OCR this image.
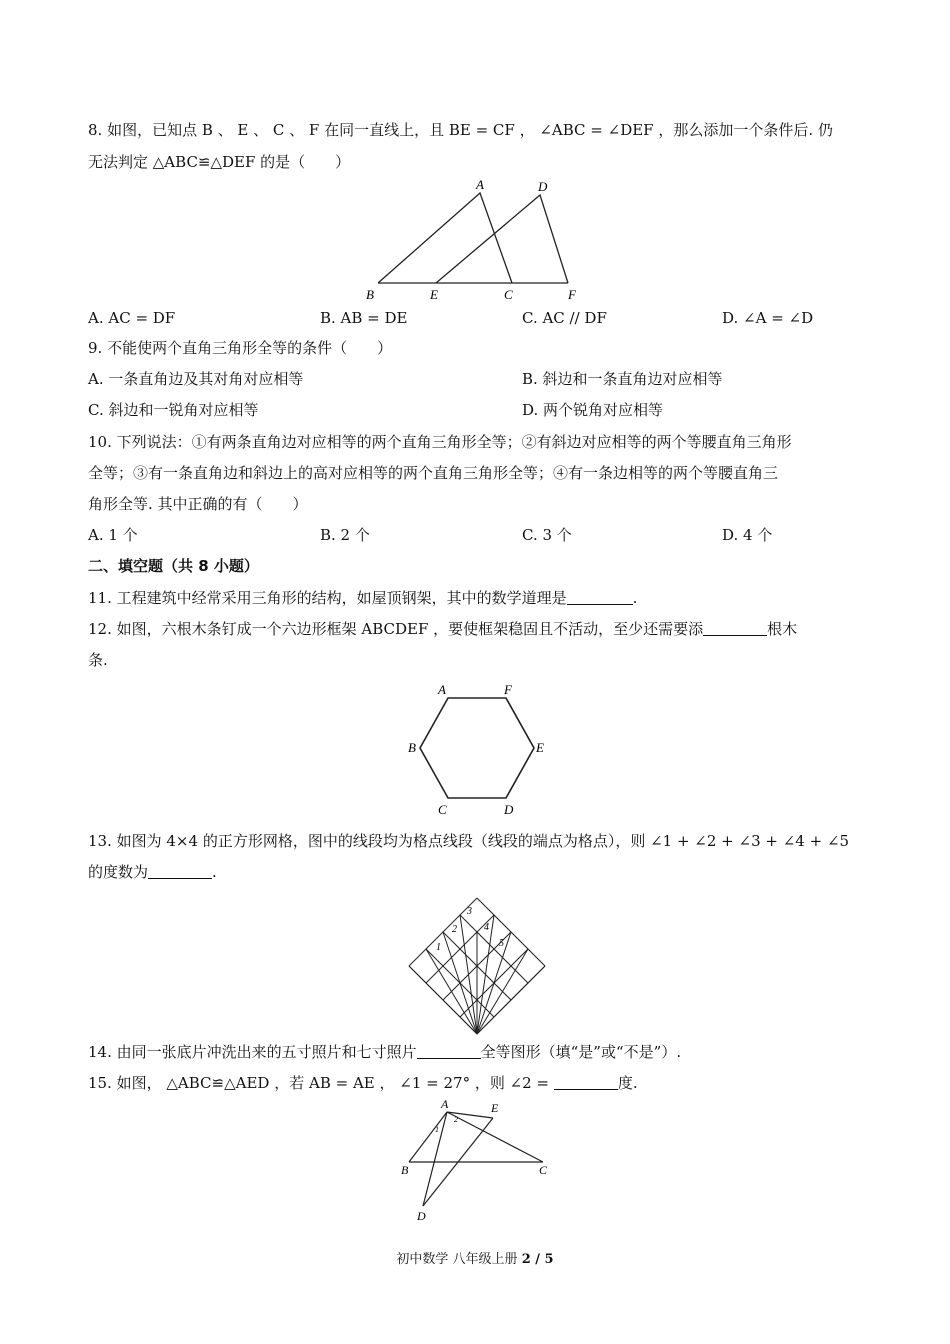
8. 如图，已知点 B 、 E 、 C 、 F 在同一直线上，且 BE = CF ， ∠ABC = ∠DEF ，那么添加一个条件后. 仍
无法判定 △ABC≌△DEF 的是（　　）
A	D
B	E	C	F
A. AC = DF	B. AB = DE	C. AC // DF	D. ∠A = ∠D
9. 不能使两个直角三角形全等的条件（　　）
A. 一条直角边及其对角对应相等	B. 斜边和一条直角边对应相等
C. 斜边和一锐角对应相等	D. 两个锐角对应相等
10. 下列说法：①有两条直角边对应相等的两个直角三角形全等；②有斜边对应相等的两个等腰直角三角形
全等；③有一条直角边和斜边上的高对应相等的两个直角三角形全等；④有一条边相等的两个等腰直角三
角形全等. 其中正确的有（　　）
A. 1 个	B. 2 个	C. 3 个	D. 4 个
二、填空题（共 8 小题）
11. 工程建筑中经常采用三角形的结构，如屋顶钢架，其中的数学道理是	.
12. 如图，六根木条钉成一个六边形框架 ABCDEF ，要使框架稳固且不活动，至少还需要添	根木
条.
A	F
B	E
C	D
13. 如图为 4×4 的正方形网格，图中的线段均为格点线段（线段的端点为格点），则 ∠1 + ∠2 + ∠3 + ∠4 + ∠5
的度数为	.
1
2
3
4
5
14. 由同一张底片冲洗出来的五寸照片和七寸照片	全等图形（填“是”或“不是”）.
15. 如图， △ABC≌△AED ，若 AB = AE ， ∠1 = 27° ，则 ∠2 =	度.
A	E
B	C
D
1
2
初中数学 八年级上册 2 / 5
